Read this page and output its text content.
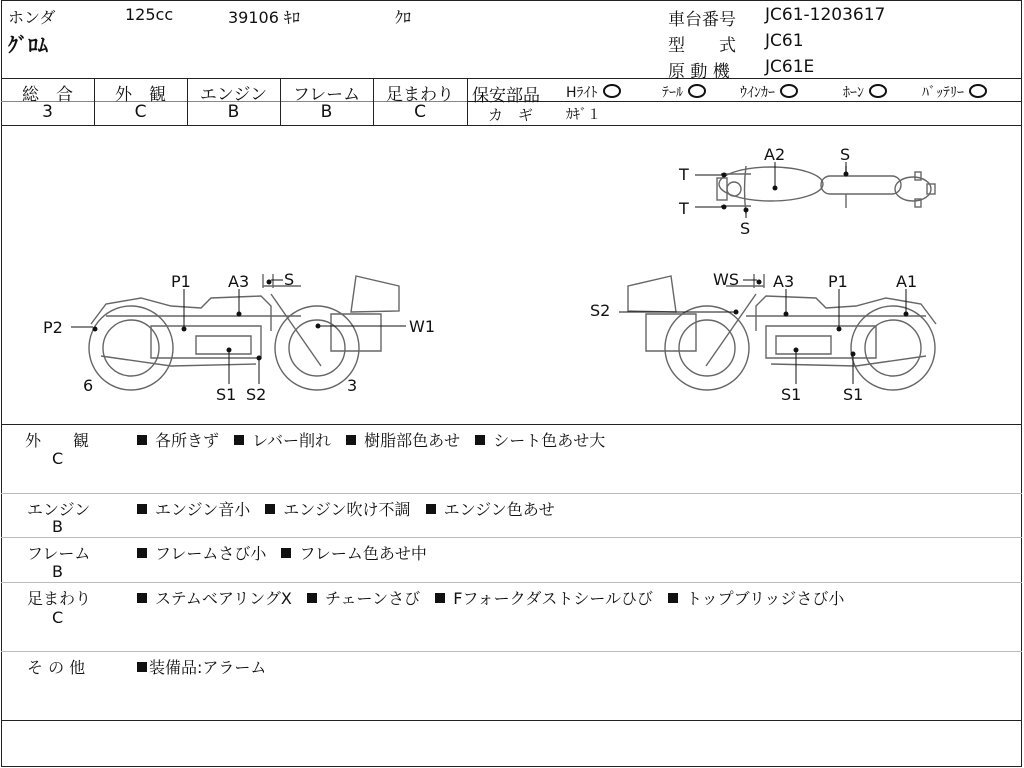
ホンダ	125cc	39106 ｷﾛ	ｸﾛ
ｸﾞﾛﾑ
車台番号 JC61-1203617
型　　式 JC61
原 動 機 JC61E
総　合
3
外　観
C
エンジン
B
フレーム
B
足まわり
C
保安部品 Hﾗｲﾄ	ﾃｰﾙ	ｳｲﾝｶｰ	ﾎｰﾝ	ﾊﾞｯﾃﾘｰ
カ　ギ ｶｷﾞ１
A2	S
T
T
S
P1 A3 S
P2	W1
6	S1 S2	3
WS A3 P1	A1
S2
S1	S1
外　　観
C
各所きず レバー削れ 樹脂部色あせ シート色あせ大
エンジン
B
エンジン音小 エンジン吹け不調 エンジン色あせ
フレーム
B
フレームさび小 フレーム色あせ中
足まわり
C
ステムベアリングX チェーンさび Fフォークダストシールひび トップブリッジさび小
そ の 他	装備品:アラーム
